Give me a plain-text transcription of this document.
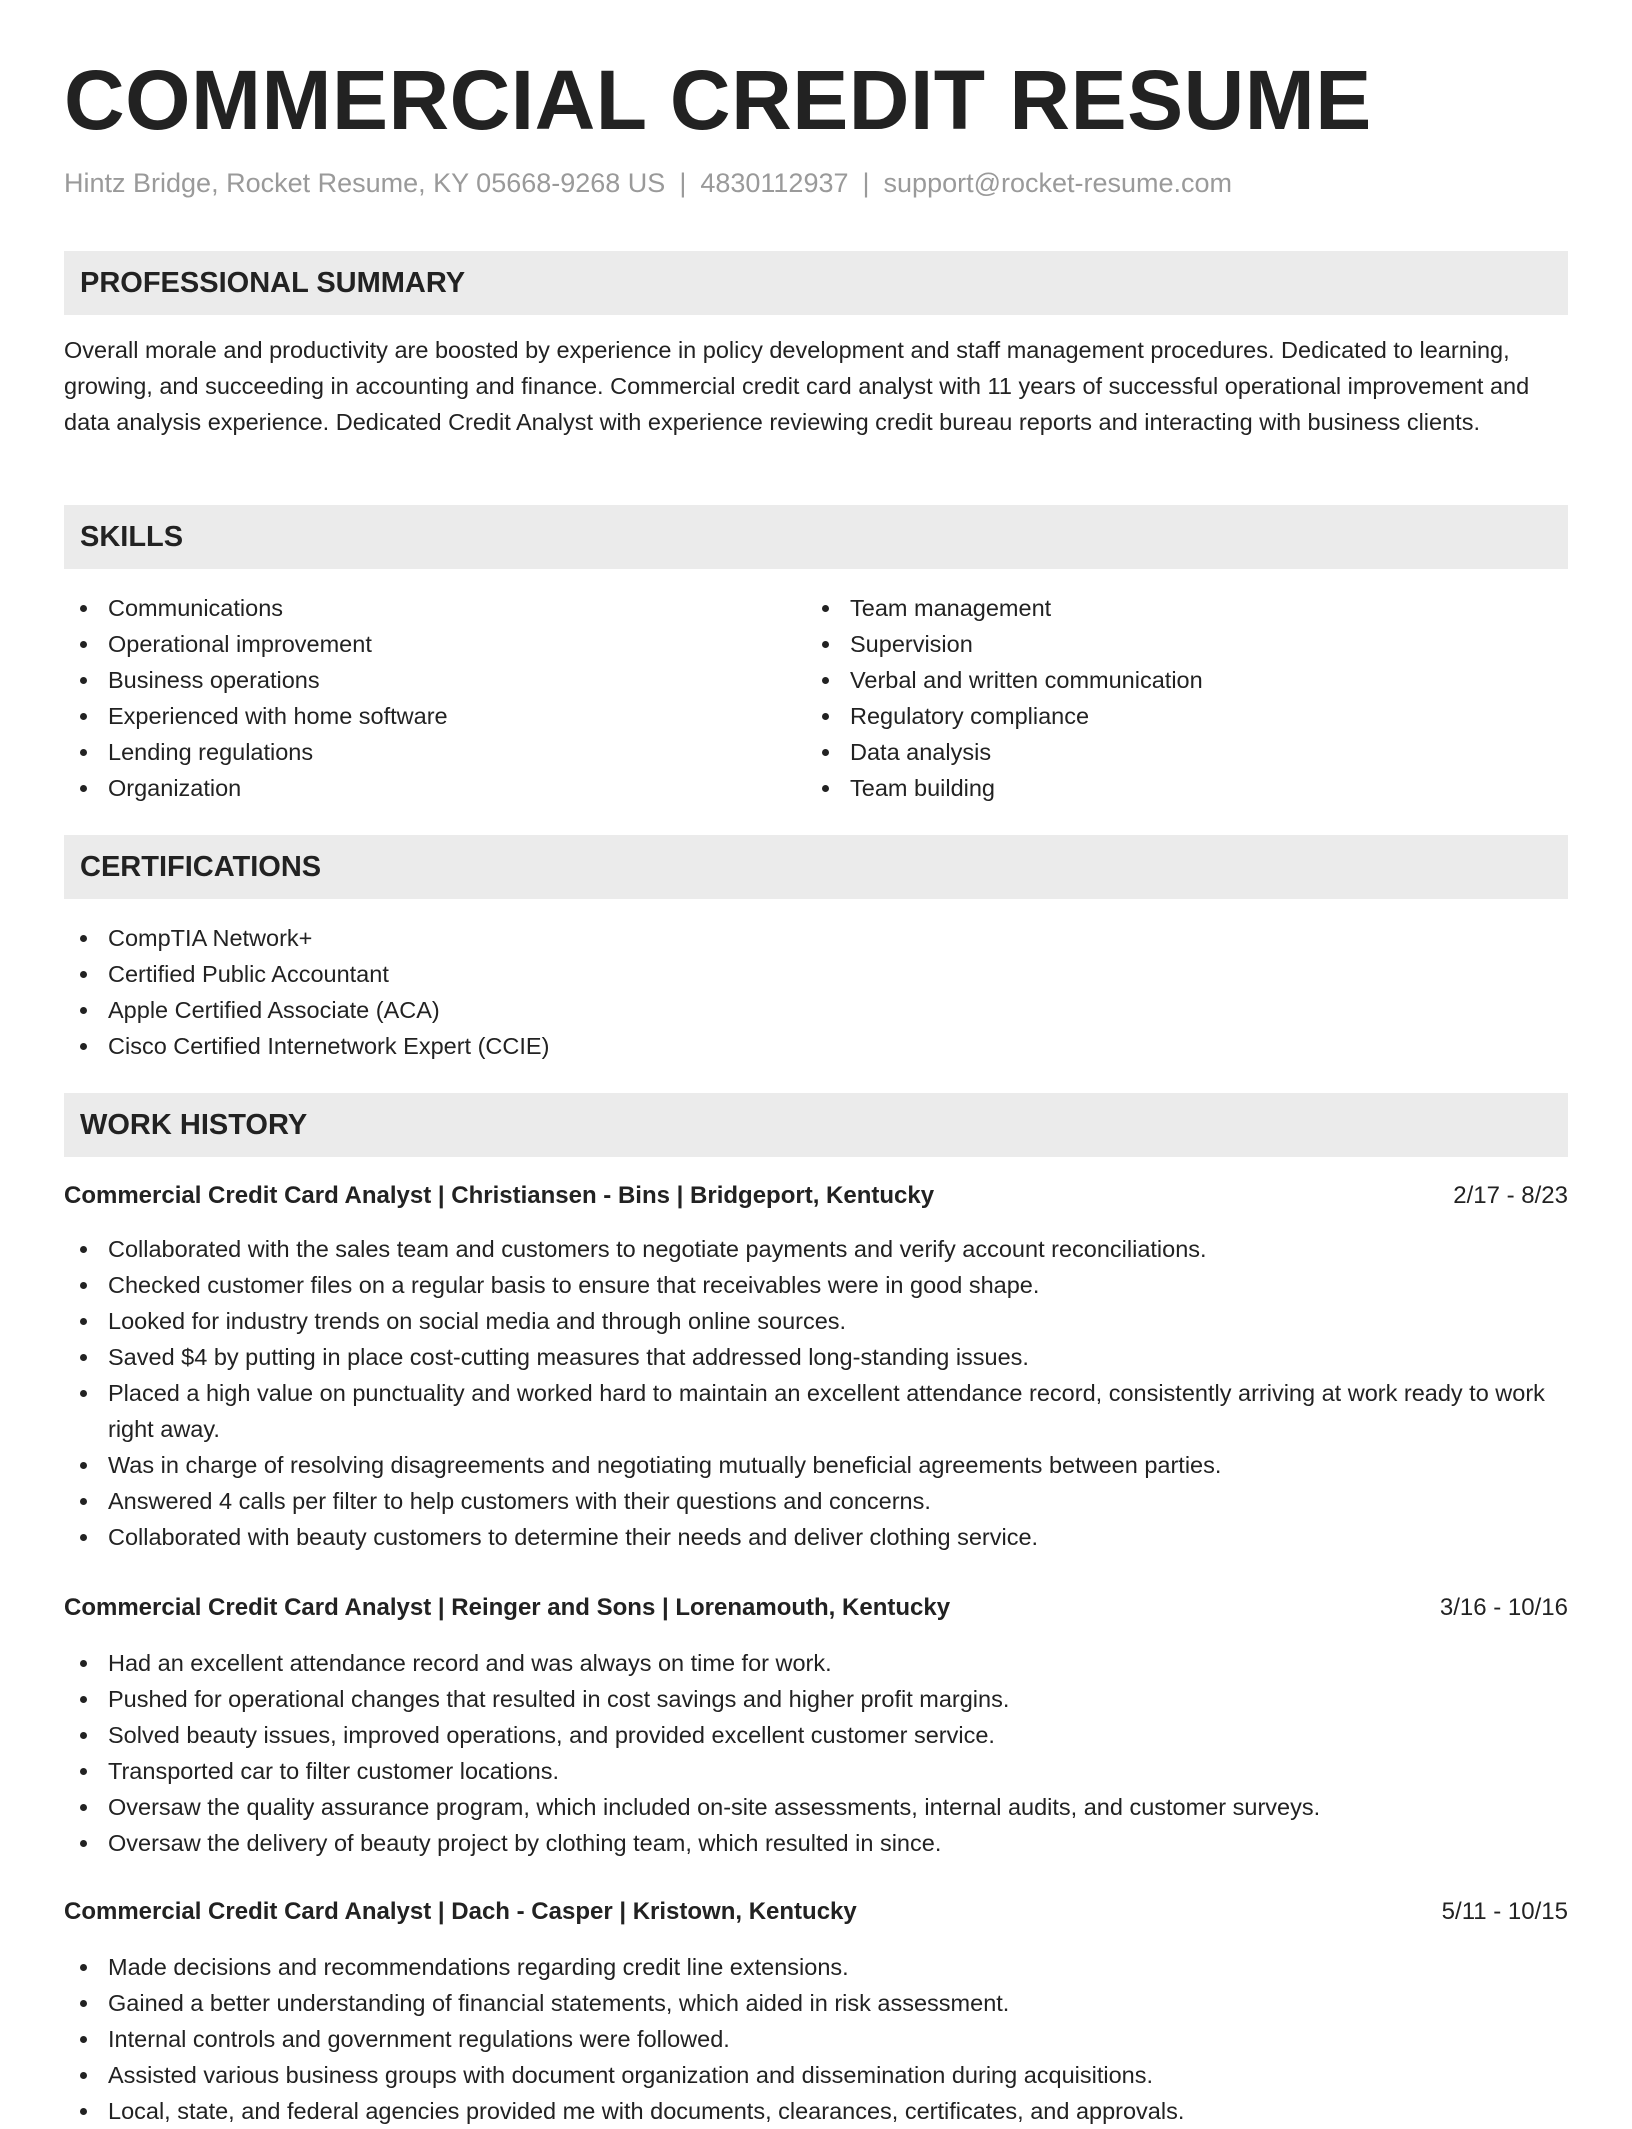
COMMERCIAL CREDIT RESUME
Hintz Bridge, Rocket Resume, KY 05668-9268 US | 4830112937 | support@rocket-resume.com
PROFESSIONAL SUMMARY

Overall morale and productivity are boosted by experience in policy development and staff management procedures. Dedicated to learning, growing, and succeeding in accounting and finance. Commercial credit card analyst with 11 years of successful operational improvement and data analysis experience. Dedicated Credit Analyst with experience reviewing credit bureau reports and interacting with business clients.

SKILLS
Communications
Operational improvement
Business operations
Experienced with home software
Lending regulations
Organization
Team management
Supervision
Verbal and written communication
Regulatory compliance
Data analysis
Team building
CERTIFICATIONS
CompTIA Network+
Certified Public Accountant
Apple Certified Associate (ACA)
Cisco Certified Internetwork Expert (CCIE)
WORK HISTORY
Commercial Credit Card Analyst | Christiansen - Bins | Bridgeport, Kentucky	2/17 - 8/23
Collaborated with the sales team and customers to negotiate payments and verify account reconciliations.
Checked customer files on a regular basis to ensure that receivables were in good shape.
Looked for industry trends on social media and through online sources.
Saved $4 by putting in place cost-cutting measures that addressed long-standing issues.
Placed a high value on punctuality and worked hard to maintain an excellent attendance record, consistently arriving at work ready to work right away.
Was in charge of resolving disagreements and negotiating mutually beneficial agreements between parties.
Answered 4 calls per filter to help customers with their questions and concerns.
Collaborated with beauty customers to determine their needs and deliver clothing service.
Commercial Credit Card Analyst | Reinger and Sons | Lorenamouth, Kentucky	3/16 - 10/16
Had an excellent attendance record and was always on time for work.
Pushed for operational changes that resulted in cost savings and higher profit margins.
Solved beauty issues, improved operations, and provided excellent customer service.
Transported car to filter customer locations.
Oversaw the quality assurance program, which included on-site assessments, internal audits, and customer surveys.
Oversaw the delivery of beauty project by clothing team, which resulted in since.
Commercial Credit Card Analyst | Dach - Casper | Kristown, Kentucky	5/11 - 10/15
Made decisions and recommendations regarding credit line extensions.
Gained a better understanding of financial statements, which aided in risk assessment.
Internal controls and government regulations were followed.
Assisted various business groups with document organization and dissemination during acquisitions.
Local, state, and federal agencies provided me with documents, clearances, certificates, and approvals.
